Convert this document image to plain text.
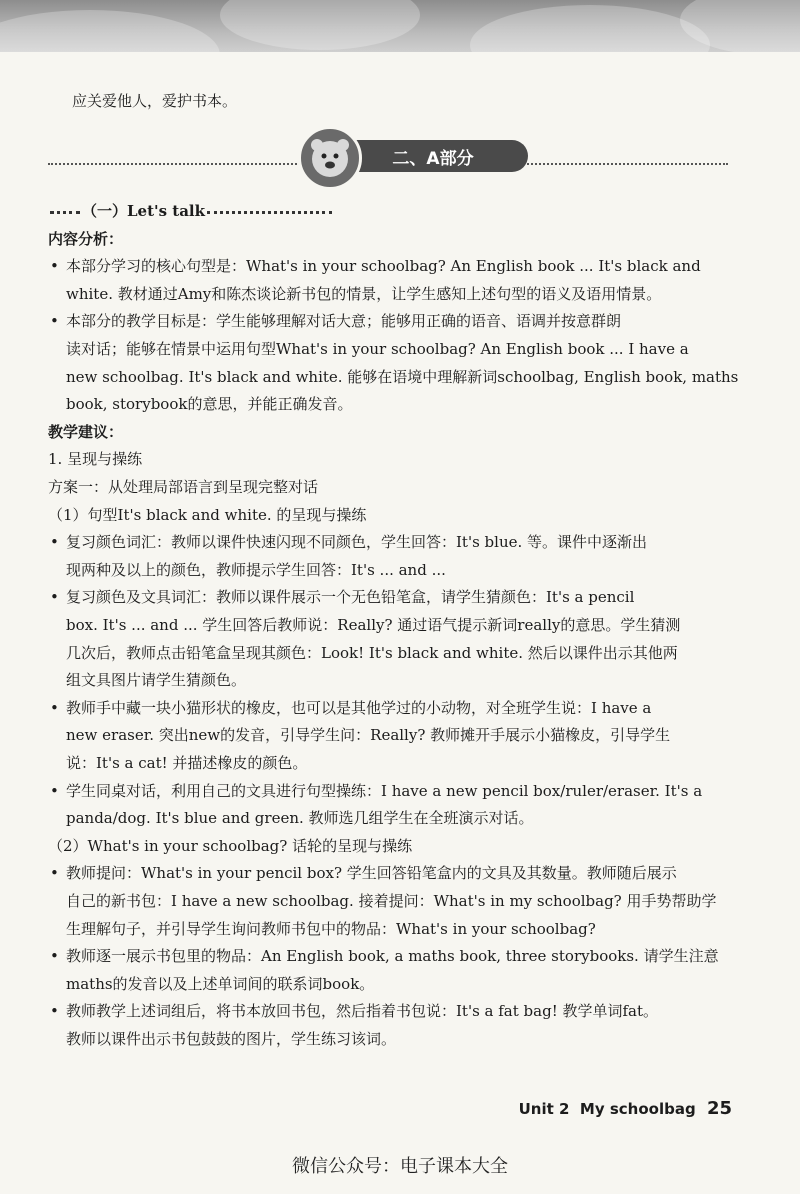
二、A部分
应关爱他人，爱护书本。
（一）Let's talk
内容分析：
本部分学习的核心句型是：What's in your schoolbag? An English book ... It's black and
•
white. 教材通过Amy和陈杰谈论新书包的情景，让学生感知上述句型的语义及语用情景。
本部分的教学目标是：学生能够理解对话大意；能够用正确的语音、语调并按意群朗
•
读对话；能够在情景中运用句型What's in your schoolbag? An English book ... I have a
new schoolbag. It's black and white. 能够在语境中理解新词schoolbag, English book, maths
book, storybook的意思，并能正确发音。
教学建议：
1. 呈现与操练
方案一：从处理局部语言到呈现完整对话
（1）句型It's black and white. 的呈现与操练
复习颜色词汇：教师以课件快速闪现不同颜色，学生回答：It's blue. 等。课件中逐渐出
•
现两种及以上的颜色，教师提示学生回答：It's ... and ...
复习颜色及文具词汇：教师以课件展示一个无色铅笔盒，请学生猜颜色：It's a pencil
•
box. It's ... and ... 学生回答后教师说：Really? 通过语气提示新词really的意思。学生猜测
几次后，教师点击铅笔盒呈现其颜色：Look! It's black and white. 然后以课件出示其他两
组文具图片请学生猜颜色。
教师手中藏一块小猫形状的橡皮，也可以是其他学过的小动物，对全班学生说：I have a
•
new eraser. 突出new的发音，引导学生问：Really? 教师摊开手展示小猫橡皮，引导学生
说：It's a cat! 并描述橡皮的颜色。
学生同桌对话，利用自己的文具进行句型操练：I have a new pencil box/ruler/eraser. It's a
•
panda/dog. It's blue and green. 教师选几组学生在全班演示对话。
（2）What's in your schoolbag? 话轮的呈现与操练
教师提问：What's in your pencil box? 学生回答铅笔盒内的文具及其数量。教师随后展示
•
自己的新书包：I have a new schoolbag. 接着提问：What's in my schoolbag? 用手势帮助学
生理解句子，并引导学生询问教师书包中的物品：What's in your schoolbag?
教师逐一展示书包里的物品：An English book, a maths book, three storybooks. 请学生注意
•
maths的发音以及上述单词间的联系词book。
教师教学上述词组后，将书本放回书包，然后指着书包说：It's a fat bag! 教学单词fat。
•
教师以课件出示书包鼓鼓的图片，学生练习该词。
Unit 2 My schoolbag 25
微信公众号：电子课本大全
